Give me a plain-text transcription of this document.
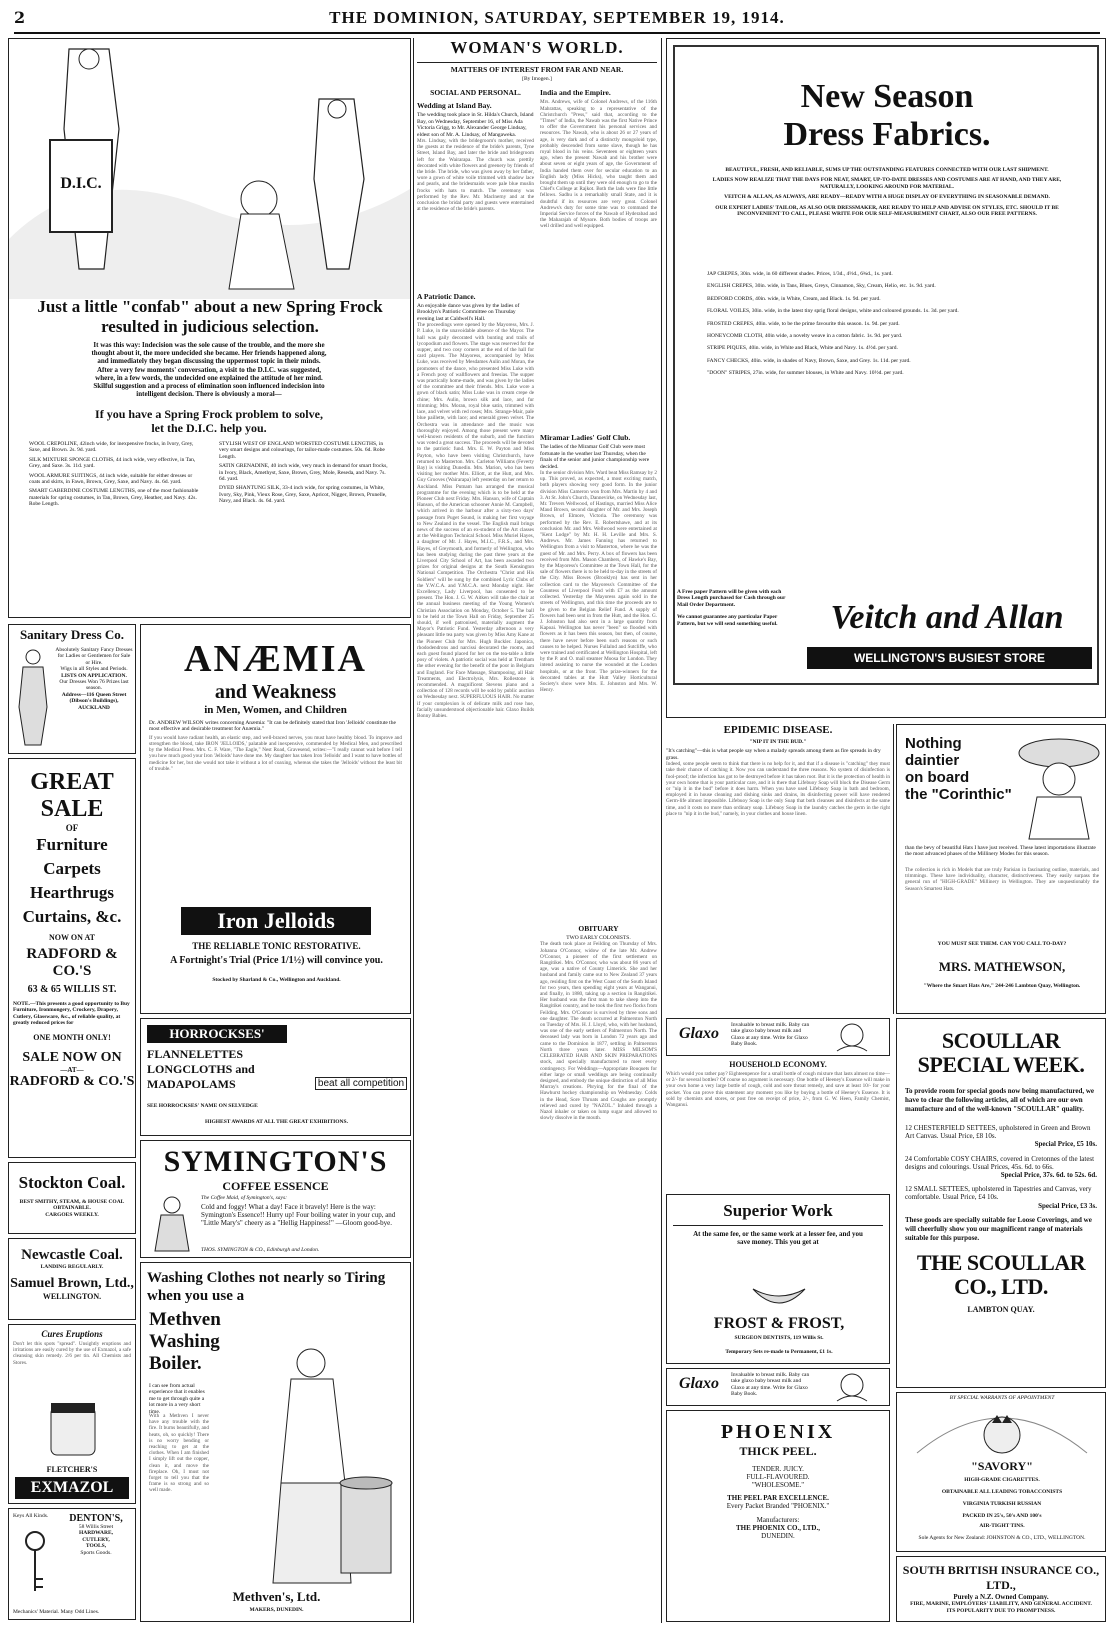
2	THE DOMINION, SATURDAY, SEPTEMBER 19, 1914.
D.I.C.
Just a little "confab" about a new Spring Frock resulted in judicious selection.
It was this way: Indecision was the sole cause of the trouble, and the more she thought about it, the more undecided she became. Her friends happened along, and immediately they began discussing the uppermost topic in their minds. After a very few moments' conversation, a visit to the D.I.C. was suggested, where, in a few words, the undecided one explained the attitude of her mind. Skilful suggestion and a process of elimination soon influenced indecision into intelligent decision. There is obviously a moral—
If you have a Spring Frock problem to solve, let the D.I.C. help you.
WOOL CREPOLINE, 42inch wide, for inexpensive frocks, in Ivory, Grey, Saxe, and Brown. 2s. 9d. yard.
SILK MIXTURE SPONGE CLOTHS, 44 inch wide, very effective, in Tan, Grey, and Saxe. 3s. 11d. yard.
WOOL ARMURE SUITINGS, 44 inch wide, suitable for either dresses or coats and skirts, in Fawn, Brown, Grey, Saxe, and Navy. 4s. 6d. yard.
SMART GABERDINE COSTUME LENGTHS, one of the most fashionable materials for spring costumes, in Tan, Brown, Grey, Heather, and Navy. 42s. Robe Length.
STYLISH WEST OF ENGLAND WORSTED COSTUME LENGTHS, in very smart designs and colourings, for tailor-made costumes. 50s. 6d. Robe Length.
SATIN GRENADINE, 40 inch wide, very much in demand for smart frocks, in Ivory, Black, Amethyst, Saxe, Brown, Grey, Mole, Reseda, and Navy. 7s. 6d. yard.
DYED SHANTUNG SILK, 33-4 inch wide, for spring costumes, in White, Ivory, Sky, Pink, Vieux Rose, Grey, Saxe, Apricot, Nigger, Brown, Prunelle, Navy, and Black. 4s. 6d. yard.
WOMAN'S WORLD.
MATTERS OF INTEREST FROM FAR AND NEAR.
[By Imogen.]
SOCIAL AND PERSONAL.
Wedding at Island Bay.
The wedding took place in St. Hilda's Church, Island Bay, on Wednesday, September 16, of Miss Ada Victoria Grigg, to Mr. Alexander George Lindsay, eldest son of Mr. A. Lindsay, of Mangaweka.
Mrs. Lindsay, with the bridegroom's mother, received the guests at the residence of the bride's parents, Tyne Street, Island Bay, and later the bride and bridegroom left for the Wairarapa. The church was prettily decorated with white flowers and greenery by friends of the bride. The bride, who was given away by her father, wore a gown of white voile trimmed with shadow lace and pearls, and the bridesmaids wore pale blue muslin frocks with hats to match. The ceremony was performed by the Rev. Mr. Maclnerny and at the conclusion the bridal party and guests were entertained at the residence of the bride's parents.
A Patriotic Dance.
An enjoyable dance was given by the ladies of Brooklyn's Patriotic Committee on Thursday evening last at Caldwell's Hall.
The proceedings were opened by the Mayoress, Mrs. J. P. Luke, in the unavoidable absence of the Mayor. The hall was gaily decorated with bunting and trails of lycopodium and flowers. The stage was reserved for the supper, and two cosy corners at the end of the hall for card players. The Mayoress, accompanied by Miss Luke, was received by Mesdames Aulin and Moran, the promoters of the dance, who presented Miss Luke with a French posy of wallflowers and freesias. The supper was practically home-made, and was given by the ladies of the committee and their friends. Mrs. Luke wore a gown of black satin; Miss Luke was in cream crepe de chine; Mrs. Aulin, brown silk and lace, and fur trimming; Mrs. Moran, royal blue satin, trimmed with lace, and velvet with red roses; Mrs. Strange-Mair, pale blue paillette, with lace; and emerald green velvet. The Orchestra was in attendance and the music was thoroughly enjoyed. Among those present were many well-known residents of the suburb, and the function was voted a great success. The proceeds will be devoted to the patriotic fund. Mrs. E. W. Payton and Miss Payton, who have been visiting Christchurch, have returned to Masterton. Mrs. Carleton Williams (Feverty Bay) is visiting Dunedin. Mrs. Marion, who has been visiting her mother Mrs. Elliott, at the Hutt, and Mrs. Guy Grooves (Wairarapa) left yesterday on her return to Auckland. Miss Putnam has arranged the musical programme for the evening which is to be held at the Pioneer Club next Friday. Mrs. Hanson, wife of Captain Hanson, of the American schooner Annie M. Campbell, which arrived in the harbour after a sixty-two days' passage from Puget Sound, is making her first voyage to New Zealand in the vessel. The English mail brings news of the success of an ex-student of the Art classes at the Wellington Technical School. Miss Muriel Hayes, a daughter of Mr. J. Hayes, M.I.C., F.R.S., and Mrs. Hayes, of Greymouth, and formerly of Wellington, who has been studying during the past three years at the Liverpool City School of Art, has been awarded two prizes for original designs at the South Kensington National Competition. The Orchestra "Christ and His Soldiers" will be sung by the combined Lyric Clubs of the Y.W.C.A. and Y.M.C.A. next Monday night. Her Excellency, Lady Liverpool, has consented to be present. The Hon. J. G. W. Aitken will take the chair at the annual business meeting of the Young Women's Christian Association on Monday, October 5. The ball to be held at the Town Hall on Friday, September 25 should, if well patronised, materially augment the Mayor's Patriotic Fund. Yesterday afternoon a very pleasant little tea party was given by Miss Amy Kane at the Pioneer Club for Mrs. Hugh Buckler. Japonica, rhododendrons and narcissi decorated the rooms, and each guest found placed for her on the tea-table a little posy of violets. A patriotic social was held at Trentham the other evening for the benefit of the poor in Belgium and England. For Face Massage, Shampooing, all Hair Treatments, and Electrolysis, Mrs. Rollestone is recommended. A magnificent Stevens piano and a collection of 128 records will be sold by public auction on Wednesday next. SUPERFLUOUS HAIR. No matter if your complexion is of delicate milk and rose hue, facially unsunderstood objectionable hair. Glaxo Builds Bonny Babies.
India and the Empire.
Mrs. Andrews, wife of Colonel Andrews, of the 116th Mahrattas, speaking to a representative of the Christchurch "Press," said that, according to the "Times" of India, the Nawab was the first Native Prince to offer the Government his personal services and resources. The Nawab, who is about 26 or 27 years of age, is very dark and of a distinctly mongoloid type, probably descended from some slave, though he has royal blood in his veins. Seventeen or eighteen years ago, when the present Nawab and his brother were about seven or eight years of age, the Government of India handed them over for secular education to an English lady (Miss Hicks), who taught them and brought them up until they were old enough to go to the Chief's College at Rajkot. Both the lads were fine little fellows. Sadhu is a remarkably small State, and it is doubtful if its resources are very great. Colonel Andrews's duty for some time was to command the Imperial Service forces of the Nawab of Hyderabad and the Maharajah of Mysore. Both bodies of troops are well drilled and well equipped.
Miramar Ladies' Golf Club.
The ladies of the Miramar Golf Club were most fortunate in the weather last Thursday, when the finals of the senior and junior championship were decided.
In the senior division Mrs. Ward beat Miss Ramsay by 2 up. This proved, as expected, a most exciting match, both players showing very good form. In the junior division Miss Cameron won from Mrs. Martin by 4 and 3. At St. John's Church, Dannevirke, on Wednesday last, Mr. Trevers Wellwood, of Hastings, married Miss Alice Maud Brown, second daughter of Mr. and Mrs. Joseph Brown, of Elmore, Victoria. The ceremony was performed by the Rev. E. Robertshawe, and at its conclusion Mr. and Mrs. Wellwood were entertained at "Kent Lodge" by Mr. H. H. Leville and Mrs. S. Andrews. Mr. James Fanning has returned to Wellington from a visit to Masterton, where he was the guest of Mr. and Mrs. Perry. A box of flowers has been received from Mrs. Mason Chambers, of Hawke's Bay, by the Mayoress's Committee at the Town Hall, for the sale of flowers there is to be held to-day in the streets of the City. Miss Bowes (Brooklyn) has sent in her collection card to the Mayoress's Committee of the Countess of Liverpool Fund with £7 as the amount collected. Yesterday the Mayoress again sold in the streets of Wellington, and this time the proceeds are to be given to the Belgian Relief Fund. A supply of flowers had been sent in from the Hutt, and the Hon. G. J. Johnston had also sent in a large quantity from Kapoai. Wellington has never "been" so flooded with flowers as it has been this season, but then, of course, there have never before been such reasons or such causes to be helped. Nurses Fullalnd and Sutcliffe, who were trained and certificated at Wellington Hospital, left by the P. and O. mail steamer Moosa for London. They intend assisting to nurse the wounded at the London hospitals, or at the front. The prize-winners for the decorated tables at the Hutt Valley Horticultural Society's show were Mrs. E. Johnston and Mrs. W. Henry.
OBITUARY
TWO EARLY COLONISTS.
The death took place at Feilding on Thursday of Mrs. Johanna O'Connor, widow of the late Mr. Andrew O'Connor, a pioneer of the first settlement on Rangitikei. Mrs. O'Connor, who was about 86 years of age, was a native of County Limerick. She and her husband and family came out to New Zealand 37 years ago, residing first on the West Coast of the South Island for two years, then spending eight years at Wanganui, and finally, in 1880, taking up a section in Rangitikei. Her husband was the first man to take sheep into the Rangitikei country, and he took the first two flocks from Feilding. Mrs. O'Connor is survived by three sons and one daughter. The death occurred at Palmerston North on Tuesday of Mrs. H. J. Lloyd, who, with her husband, was one of the early settlers of Palmerston North. The deceased lady was born in London 72 years ago and came to the Dominion in 1877, settling in Palmerston North three years later. MISS MILSOM'S CELEBRATED HAIR AND SKIN PREPARATIONS stock, and specially manufactured to meet every contingency. For Weddings—Appropriate Bouquets for either large or small weddings are being continually designed, and embody the unique distinction of all Miss Murray's creations. Phrying for the final of the Hawhurst hockey championship on Wednesday. Colds in the Head, Sore Throats and Coughs are promptly relieved and cured by "NAZOL." Inhaled through a Nazol inhaler or taken on lump sugar and allowed to slowly dissolve in the mouth.
New Season
Dress Fabrics.
BEAUTIFUL, FRESH, AND RELIABLE, SUMS UP THE OUTSTANDING FEATURES CONNECTED WITH OUR LAST SHIPMENT.
LADIES NOW REALIZE THAT THE DAYS FOR NEAT, SMART, UP-TO-DATE DRESSES AND COSTUMES ARE AT HAND, AND THEY ARE, NATURALLY, LOOKING AROUND FOR MATERIAL.
VEITCH & ALLAN, AS ALWAYS, ARE READY—READY WITH A HUGE DISPLAY OF EVERYTHING IN SEASONABLE DEMAND.
OUR EXPERT LADIES' TAILOR, AS ALSO OUR DRESSMAKER, ARE READY TO HELP AND ADVISE ON STYLES, ETC. SHOULD IT BE INCONVENIENT TO CALL, PLEASE WRITE FOR OUR SELF-MEASUREMENT CHART, ALSO OUR FREE PATTERNS.
JAP CREPES, 30in. wide, in 60 different shades. Prices, 1/3d., 4½d., 6¾d., 1s. yard.
ENGLISH CREPES, 30in. wide, in Tans, Blues, Greys, Cinnamon, Sky, Cream, Helio, etc. 1s. 9d. yard.
BEDFORD CORDS, 40in. wide, in White, Cream, and Black. 1s. 9d. per yard.
FLORAL VOILES, 30in. wide, in the latest tiny sprig floral designs, white and coloured grounds. 1s. 3d. per yard.
FROSTED CREPES, 40in. wide, to be the prime favourite this season. 1s. 9d. per yard.
HONEYCOMB CLOTH, 40in wide, a novelty weave in a cotton fabric. 1s. 9d. per yard.
STRIPE PIQUES, 40in. wide, in White and Black, White and Navy. 1s. 4½d. per yard.
FANCY CHECKS, 40in. wide, in shades of Navy, Brown, Saxe, and Grey. 1s. 11d. per yard.
"DOON" STRIPES, 27in. wide, for summer blouses, in White and Navy. 10½d. per yard.
A Free paper Pattern will be given with each Dress Length purchased for Cash through our Mail Order Department.
We cannot guarantee any particular Paper Pattern, but we will send something useful.	Veitch and Allan
WELLINGTON'S BUSIEST STORE
Sanitary Dress Co.
Absolutely Sanitary Fancy Dresses for Ladies or Gentlemen for Sale or Hire.
Wigs in all Styles and Periods.
LISTS ON APPLICATION.
Our Dresses Won 76 Prizes last season.
Address—116 Queen Street (Dibson's Buildings), AUCKLAND
GREAT SALE
OF
Furniture
Carpets
Hearthrugs
Curtains, &c.
NOW ON AT
RADFORD & CO.'S
63 & 65 WILLIS ST.
NOTE.—This presents a good opportunity to Buy Furniture, Ironmongery, Crockery, Drapery, Cutlery, Glassware, &c., of reliable quality, at greatly reduced prices for
ONE MONTH ONLY!
SALE NOW ON
—AT—
RADFORD & CO.'S
Stockton Coal.
BEST SMITHY, STEAM, & HOUSE COAL OBTAINABLE.
CARGOES WEEKLY.
Newcastle Coal.
LANDING REGULARLY.
Samuel Brown, Ltd.,
WELLINGTON.
Cures Eruptions
Don't let this spots "spread". Unsightly eruptions and irritations are easily cured by the use of Exmazol, a safe cleansing skin remedy. 2/6 per tin. All Chemists and Stores.
FLETCHER'S
EXMAZOL
Keys All Kinds.	DENTON'S,
58 Willis Street
HARDWARE,
CUTLERY,
TOOLS,
Sports Goods.
Mechanics' Material. Many Odd Lines.
ANÆMIA
and Weakness
in Men, Women, and Children
Dr. ANDREW WILSON writes concerning Anæmia: "It can be definitely stated that Iron 'Jelloids' constitute the most effective and desirable treatment for Anæmia."
If you would have radiant health, an elastic step, and well-braced nerves, you must have healthy blood. To improve and strengthen the blood, take IRON 'JELLOIDS,' palatable and inexpensive, commended by Medical Men, and prescribed by the Medical Press. Mrs. C. F. Ware, "The Eagle," Nest Road, Gravesend, writes:—"I really cannot wait before I tell you how much good your Iron 'Jelloids' have done me. My daughter has taken Iron 'Jelloids' and I want to have bottles of medicine for her, but she would not take it without a lot of coaxing, whereas she takes the 'Jelloids' without the least bit of trouble."
Iron Jelloids
THE RELIABLE TONIC RESTORATIVE.
A Fortnight's Trial (Price 1/1½) will convince you.
Stocked by Sharland & Co., Wellington and Auckland.
HORROCKSES'
FLANNELETTES
LONGCLOTHS and
MADAPOLAMS	beat all competition
SEE HORROCKSES' NAME ON SELVEDGE
HIGHEST AWARDS AT ALL THE GREAT EXHIBITIONS.
SYMINGTON'S
COFFEE ESSENCE
The Coffee Maid, of Symington's, says:
Cold and foggy! What a day! Face it bravely! Here is the way: Symington's Essence!! Hurry up! Four boiling water in your cup, and "Little Mary's" cheery as a "Hellig Happiness!" —Gloom good-bye.
THOS. SYMINGTON & CO., Edinburgh and London.
Washing Clothes not nearly so Tiring when you use a
Methven Washing Boiler.
I can see from actual experience that it enables me to get through quite a lot more in a very short time.
With a Methven I never have any trouble with the fire. It burns beautifully, and heats, oh, so quickly! There is no worry bending or reaching to get at the clothes. When I am finished I simply lift out the copper, clean it, and move the fireplace. Oh, I must not forget to tell you that the frame is so strong and so well made.
Methven's, Ltd.
MAKERS, DUNEDIN.
EPIDEMIC DISEASE.
"NIP IT IN THE BUD."
"It's catching"—this is what people say when a malady spreads among them as fire spreads in dry grass.
Indeed, some people seem to think that there is no help for it, and that if a disease is "catching" they must take their chance of catching it. Now you can understand the three reasons. No system of disinfection is fool-proof; the infection has got to be destroyed before it has taken root. But it is the protection of health in your own home that is your particular care, and it is there that Lifebuoy Soap will block the Disease Germ or "nip it in the bud" before it does harm. When you have used Lifebuoy Soap in bath and bedroom, employed it in house cleaning and dishing sinks and drains, its disinfecting power will have rendered Germ-life almost impossible. Lifebuoy Soap is the only Soap that both cleanses and disinfects at the same time, and it costs no more than ordinary soap. Lifebuoy Soap in the laundry catches the germ in the right place to "nip it in the bud," namely, in your clothes and house linen.
Glaxo	Invaluable to breast milk. Baby can take glaxo baby breast milk and Glaxo at any time. Write for Glaxo Baby Book.
HOUSEHOLD ECONOMY.
Which would you rather pay? Eighteenpence for a small bottle of cough mixture that lasts almost no time—or 2/- for several bottles? Of course no argument is necessary. One bottle of Heeney's Essence will make in your own home a very large bottle of cough, cold and sore throat remedy, and save at least 10/- for your pocket. You can prove this statement any moment you like by buying a bottle of Heeney's Essence. It is sold by chemists and stores, or post free on receipt of price, 2/-, from G. W. Heen, Family Chemist, Wanganui.
Superior Work
At the same fee, or the same work at a lesser fee, and you save money. This you get at
FROST & FROST,
SURGEON DENTISTS, 119 Willis St.
Temporary Sets re-made to Permanent, £1 1s.
Glaxo	Invaluable to breast milk. Baby can take glaxo baby breast milk and Glaxo at any time. Write for Glaxo Baby Book.
PHOENIX
THICK PEEL.
TENDER. JUICY.
FULL-FLAVOURED.
"WHOLESOME."
THE PEEL PAR EXCELLENCE.
Every Packet Branded "PHOENIX."
Manufacturers:
THE PHOENIX CO., LTD.,
DUNEDIN.
Nothing daintier
on board
the "Corinthic"
than the bevy of beautiful Hats I have just received. These latest importations illustrate the most advanced phases of the Millinery Modes for this season.
The collection is rich in Models that are truly Parisian in fascinating outline, materials, and trimmings. These have individuality, character, distinctiveness. They easily surpass the general run of "HIGH-GRADE" Millinery in Wellington. They are unquestionably the Season's Smartest Hats.
YOU MUST SEE THEM. CAN YOU CALL TO-DAY?
MRS. MATHEWSON,
"Where the Smart Hats Are," 244-246 Lambton Quay, Wellington.
SCOULLAR SPECIAL WEEK.
To provide room for special goods now being manufactured, we have to clear the following articles, all of which are our own manufacture and of the well-known "SCOULLAR" quality.
12 CHESTERFIELD SETTEES, upholstered in Green and Brown Art Canvas. Usual Price, £8 10s.
Special Price, £5 10s.
24 Comfortable COSY CHAIRS, covered in Cretonnes of the latest designs and colourings. Usual Prices, 45s. 6d. to 66s.
Special Price, 37s. 6d. to 52s. 6d.
12 SMALL SETTEES, upholstered in Tapestries and Canvas, very comfortable. Usual Price, £4 10s.
Special Price, £3 3s.
These goods are specially suitable for Loose Coverings, and we will cheerfully show you our magnificent range of materials suitable for this purpose.
THE SCOULLAR CO., LTD.
LAMBTON QUAY.
BY SPECIAL WARRANTS OF APPOINTMENT
"SAVORY"
HIGH-GRADE CIGARETTES.
OBTAINABLE ALL LEADING TOBACCONISTS
VIRGINIA TURKISH RUSSIAN
PACKED IN 25's, 50's AND 100's
AIR-TIGHT TINS.
Sole Agents for New Zealand: JOHNSTON & CO., LTD., WELLINGTON.
SOUTH BRITISH INSURANCE CO., LTD.,
Purely a N.Z. Owned Company.
FIRE, MARINE, EMPLOYERS' LIABILITY, AND GENERAL ACCIDENT.
ITS POPULARITY DUE TO PROMPTNESS.
